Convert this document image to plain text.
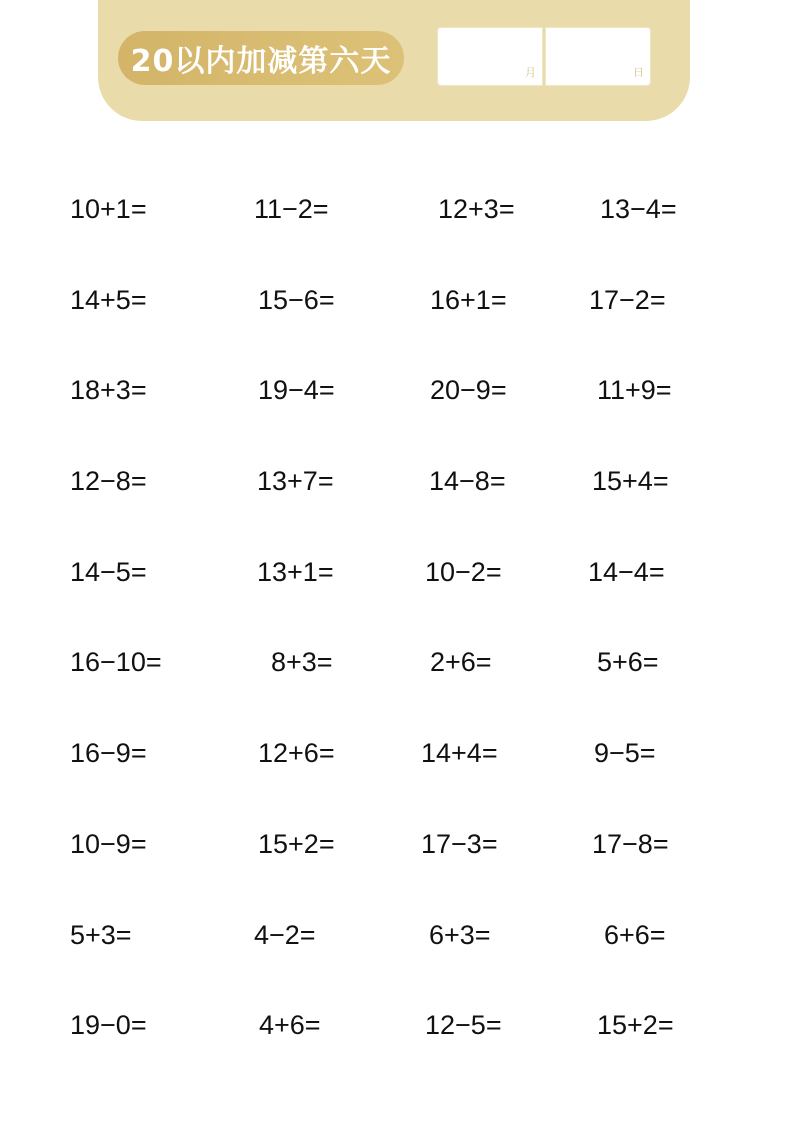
20以内加减第六天	月	日
10+1=	11−2=	12+3=	13−4=
14+5=	15−6=	16+1=	17−2=
18+3=	19−4=	20−9=	11+9=
12−8=	13+7=	14−8=	15+4=
14−5=	13+1=	10−2=	14−4=
16−10=	8+3=	2+6=	5+6=
16−9=	12+6=	14+4=	9−5=
10−9=	15+2=	17−3=	17−8=
5+3=	4−2=	6+3=	6+6=
19−0=	4+6=	12−5=	15+2=
